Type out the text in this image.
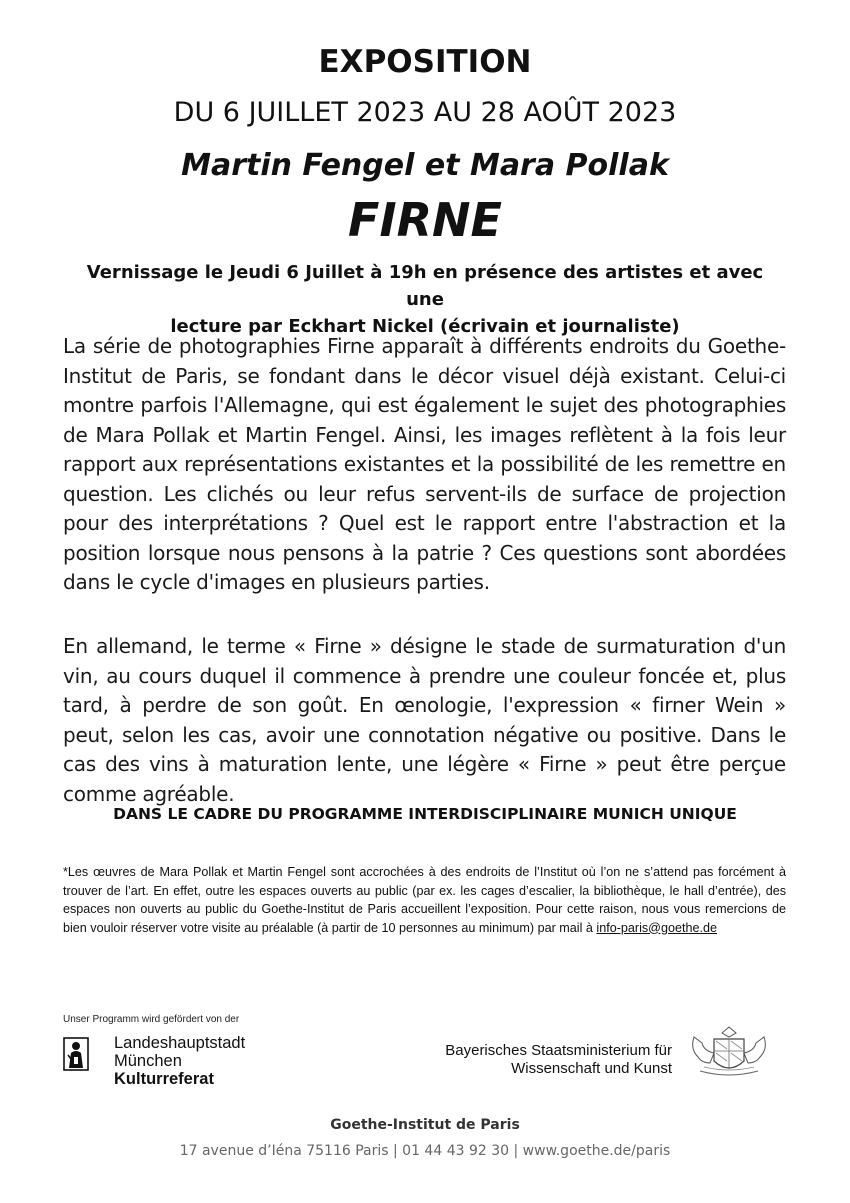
EXPOSITION
DU 6 JUILLET 2023 AU 28 AOÛT 2023
Martin Fengel et Mara Pollak
FIRNE
Vernissage le Jeudi 6 Juillet à 19h en présence des artistes et avec une
lecture par Eckhart Nickel (écrivain et journaliste)
La série de photographies Firne apparaît à différents endroits du Goethe-Institut de Paris, se fondant dans le décor visuel déjà existant. Celui-ci montre parfois l'Allemagne, qui est également le sujet des photographies de Mara Pollak et Martin Fengel. Ainsi, les images reflètent à la fois leur rapport aux représentations existantes et la possibilité de les remettre en question. Les clichés ou leur refus servent-ils de surface de projection pour des interprétations ? Quel est le rapport entre l'abstraction et la position lorsque nous pensons à la patrie ? Ces questions sont abordées dans le cycle d'images en plusieurs parties.
En allemand, le terme « Firne » désigne le stade de surmaturation d'un vin, au cours duquel il commence à prendre une couleur foncée et, plus tard, à perdre de son goût. En œnologie, l'expression « firner Wein » peut, selon les cas, avoir une connotation négative ou positive. Dans le cas des vins à maturation lente, une légère « Firne » peut être perçue comme agréable.
DANS LE CADRE DU PROGRAMME INTERDISCIPLINAIRE MUNICH UNIQUE
*Les œuvres de Mara Pollak et Martin Fengel sont accrochées à des endroits de l’Institut où l’on ne s’attend pas forcément à trouver de l’art. En effet, outre les espaces ouverts au public (par ex. les cages d’escalier, la bibliothèque, le hall d’entrée), des espaces non ouverts au public du Goethe-Institut de Paris accueillent l’exposition. Pour cette raison, nous vous remercions de bien vouloir réserver votre visite au préalable (à partir de 10 personnes au minimum) par mail à info-paris@goethe.de
Unser Programm wird gefördert von der
Landeshauptstadt
München
Kulturreferat
Bayerisches Staatsministerium für
Wissenschaft und Kunst
Goethe-Institut de Paris
17 avenue d’Iéna 75116 Paris | 01 44 43 92 30 | www.goethe.de/paris
